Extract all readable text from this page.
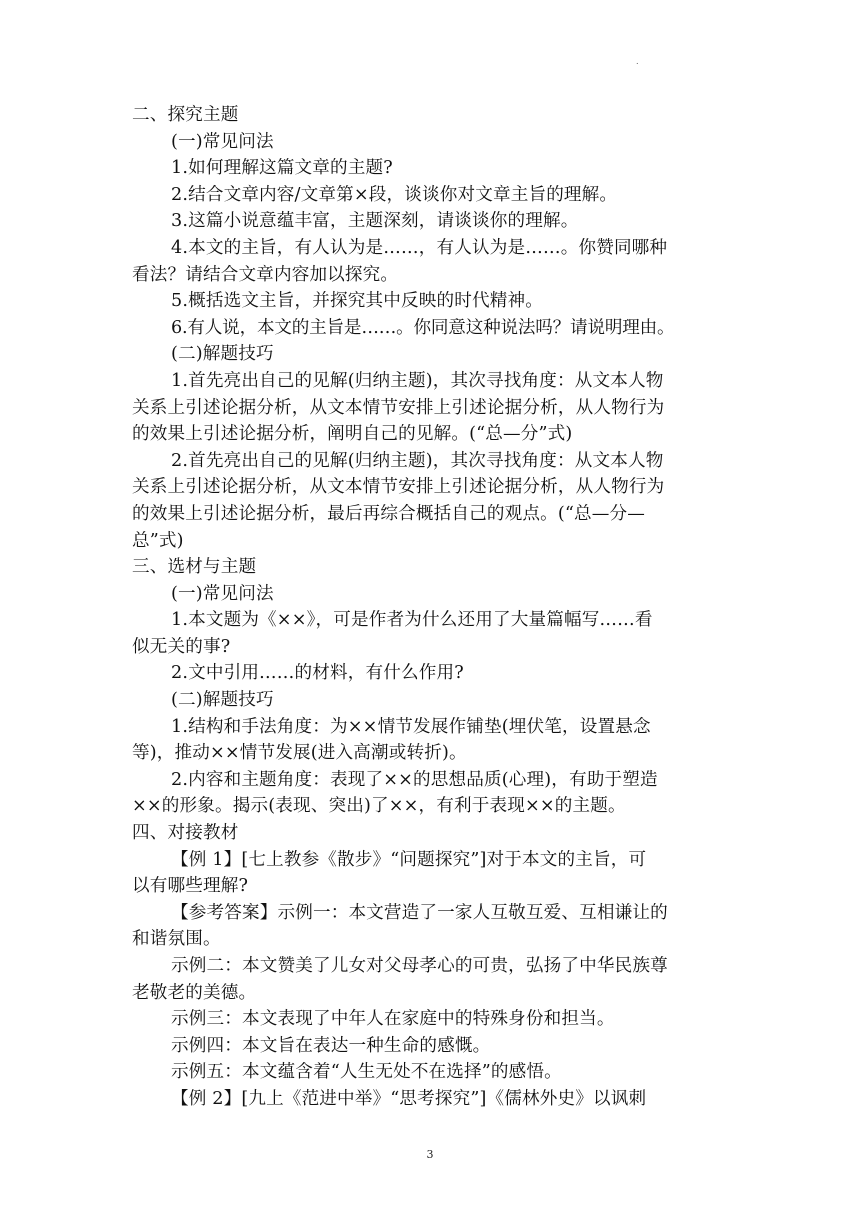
.
二、探究主题
(一)常见问法
1.如何理解这篇文章的主题?
2.结合文章内容/文章第×段，谈谈你对文章主旨的理解。
3.这篇小说意蕴丰富，主题深刻，请谈谈你的理解。
4.本文的主旨，有人认为是……，有人认为是……。你赞同哪种
看法？请结合文章内容加以探究。
5.概括选文主旨，并探究其中反映的时代精神。
6.有人说，本文的主旨是……。你同意这种说法吗？请说明理由。
(二)解题技巧
1.首先亮出自己的见解(归纳主题)，其次寻找角度：从文本人物
关系上引述论据分析，从文本情节安排上引述论据分析，从人物行为
的效果上引述论据分析，阐明自己的见解。(“总—分”式)
2.首先亮出自己的见解(归纳主题)，其次寻找角度：从文本人物
关系上引述论据分析，从文本情节安排上引述论据分析，从人物行为
的效果上引述论据分析，最后再综合概括自己的观点。(“总—分—
总”式)
三、选材与主题
(一)常见问法
1.本文题为《××》，可是作者为什么还用了大量篇幅写……看
似无关的事?
2.文中引用……的材料，有什么作用?
(二)解题技巧
1.结构和手法角度：为××情节发展作铺垫(埋伏笔，设置悬念
等)，推动××情节发展(进入高潮或转折)。
2.内容和主题角度：表现了××的思想品质(心理)，有助于塑造
××的形象。揭示(表现、突出)了××，有利于表现××的主题。
四、对接教材
【例 1】[七上教参《散步》“问题探究”]对于本文的主旨，可
以有哪些理解?
【参考答案】示例一：本文营造了一家人互敬互爱、互相谦让的
和谐氛围。
示例二：本文赞美了儿女对父母孝心的可贵，弘扬了中华民族尊
老敬老的美德。
示例三：本文表现了中年人在家庭中的特殊身份和担当。
示例四：本文旨在表达一种生命的感慨。
示例五：本文蕴含着“人生无处不在选择”的感悟。
【例 2】[九上《范进中举》“思考探究”]《儒林外史》以讽刺
3
